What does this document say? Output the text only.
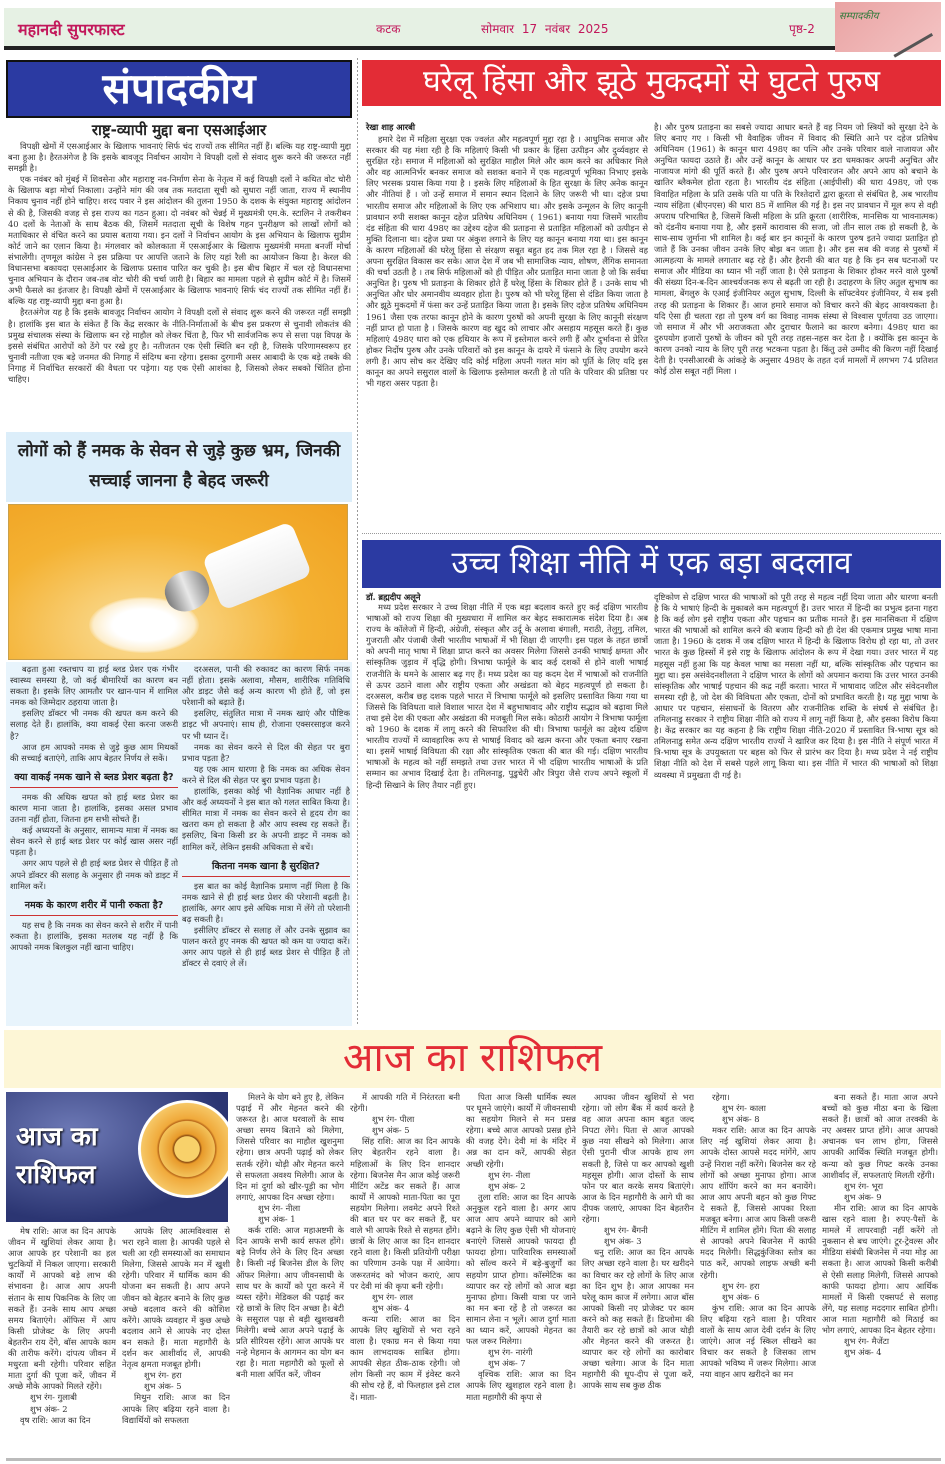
महानदी सुपरफास्ट	कटक	सोमवार 17 नवंबर 2025	पृष्ठ-2
सम्पादकीय
संपादकीय
राष्ट्र-व्यापी मुद्दा बना एसआईआर

विपक्षी खेमों में एसआईआर के खिलाफ भावनाएं सिर्फ चंद राज्यों तक सीमित नहीं हैं। बल्कि यह राष्ट्र-व्यापी मुद्दा बना हुआ है। हैरतअंगेज है कि इसके बावजूद निर्वाचन आयोग ने विपक्षी दलों से संवाद शुरू करने की जरूरत नहीं समझी है।

एक नवंबर को मुंबई में शिवसेना और महाराष्ट्र नव-निर्माण सेना के नेतृत्व में कई विपक्षी दलों ने कथित वोट चोरी के खिलाफ बड़ा मोर्चा निकाला। उन्होंने मांग की जब तक मतदाता सूची को सुधारा नहीं जाता, राज्य में स्थानीय निकाय चुनाव नहीं होने चाहिए। शरद पवार ने इस आंदोलन की तुलना 1950 के दशक के संयुक्त महाराष्ट्र आंदोलन से की है, जिसकी वजह से इस राज्य का गठन हुआ। दो नवंबर को चेन्नई में मुख्यमंत्री एम.के. स्टालिन ने तकरीबन 40 दलों के नेताओं के साथ बैठक की, जिसमें मतदाता सूची के विशेष गहन पुनरीक्षण को लाखों लोगों को मताधिकार से वंचित करने का प्रयास बताया गया। इन दलों ने निर्वाचन आयोग के इस अभियान के खिलाफ सुप्रीम कोर्ट जाने का एलान किया है। मंगलवार को कोलकाता में एसआईआर के खिलाफ मुख्यमंत्री ममता बनर्जी मोर्चा संभालेंगी। तृणमूल कांग्रेस ने इस प्रक्रिया पर आपत्ति जताने के लिए यहां रैली का आयोजन किया है। केरल की विधानसभा बकायदा एसआईआर के खिलाफ प्रस्ताव पारित कर चुकी है। इस बीच बिहार में चल रहे विधानसभा चुनाव अभियान के दौरान जब-तब वोट चोरी की चर्चा जारी है। बिहार का मामला पहले से सुप्रीम कोर्ट में है। जिसमें अभी फैसले का इंतजार है। विपक्षी खेमों में एसआईआर के खिलाफ भावनाएं सिर्फ चंद राज्यों तक सीमित नहीं हैं। बल्कि यह राष्ट्र-व्यापी मुद्दा बना हुआ है।

हैरतअंगेज यह है कि इसके बावजूद निर्वाचन आयोग ने विपक्षी दलों से संवाद शुरू करने की जरूरत नहीं समझी है। हालांकि इस बात के संकेत हैं कि केंद्र सरकार के नीति-निर्माताओं के बीच इस प्रकरण से चुनावी लोकतंत्र की प्रमुख संचालक संस्था के खिलाफ बन रहे माहौल को लेकर चिंता है, फिर भी सार्वजनिक रूप से सत्ता पक्ष विपक्ष के इससे संबंधित आरोपों को ठेंगे पर रखे हुए है। नतीजतन एक ऐसी स्थिति बन रही है, जिसके परिणामस्वरूप हर चुनावी नतीजा एक बड़े जनमत की निगाह में संदिग्ध बना रहेगा। इसका दुरगामी असर आबादी के एक बड़े तबके की निगाह में निर्वाचित सरकारों की वैधता पर पड़ेगा। यह एक ऐसी आशंका है, जिसको लेकर सबको चिंतित होना चाहिए।

लोगों को हैं नमक के सेवन से जुड़े कुछ भ्रम, जिनकी सच्चाई जानना है बेहद जरूरी

बढ़ता हुआ रक्तचाप या हाई ब्लड प्रेशर एक गंभीर स्वास्थ्य समस्या है, जो कई बीमारियों का कारण बन सकता है। इसके लिए आमतौर पर खान-पान में शामिल नमक को जिम्मेदार ठहराया जाता है।

इसलिए डॉक्टर भी नमक की खपत कम करने की सलाह देते हैं। हालांकि, क्या वाकई ऐसा करना जरूरी है?

आज हम आपको नमक से जुड़े कुछ आम मिथकों की सच्चाई बताएंगे, ताकि आप बेहतर निर्णय ले सकें।

क्या वाकई नमक खाने से ब्लड प्रेशर बढ़ता है?

नमक की अधिक खपत को हाई ब्लड प्रेशर का कारण माना जाता है। हालांकि, इसका असल प्रभाव उतना नहीं होता, जितना हम सभी सोचते हैं।

कई अध्ययनों के अनुसार, सामान्य मात्रा में नमक का सेवन करने से हाई ब्लड प्रेशर पर कोई खास असर नहीं पड़ता है।

अगर आप पहले से ही हाई ब्लड प्रेशर से पीड़ित हैं तो अपने डॉक्टर की सलाह के अनुसार ही नमक को डाइट में शामिल करें।

नमक के कारण शरीर में पानी रुकता है?

यह सच है कि नमक का सेवन करने से शरीर में पानी रुकता है। हालांकि, इसका मतलब यह नहीं है कि आपको नमक बिलकुल नहीं खाना चाहिए।

दरअसल, पानी की रुकावट का कारण सिर्फ नमक नहीं होता। इसके अलावा, मौसम, शारीरिक गतिविधि और डाइट जैसे कई अन्य कारण भी होते हैं, जो इस परेशानी को बढ़ाते हैं।

इसलिए, संतुलित मात्रा में नमक खाएं और पौष्टिक डाइट भी अपनाएं। साथ ही, रोजाना एक्सरसाइज करने पर भी ध्यान दें।

नमक का सेवन करने से दिल की सेहत पर बुरा प्रभाव पड़ता है?

यह एक आम धारणा है कि नमक का अधिक सेवन करने से दिल की सेहत पर बुरा प्रभाव पड़ता है।

हालांकि, इसका कोई भी वैज्ञानिक आधार नहीं है और कई अध्ययनों ने इस बात को गलत साबित किया है। सीमित मात्रा में नमक का सेवन करने से हृदय रोग का खतरा कम हो सकता है और आप स्वस्थ रह सकते हैं। इसलिए, बिना किसी डर के अपनी डाइट में नमक को शामिल करें, लेकिन इसकी अधिकता से बचें।

कितना नमक खाना है सुरक्षित?

इस बात का कोई वैज्ञानिक प्रमाण नहीं मिला है कि नमक खाने से ही हाई ब्लड प्रेशर की परेशानी बढ़ती है। हालांकि, अगर आप इसे अधिक मात्रा में लेंगे तो परेशानी बढ़ सकती है।

इसीलिए डॉक्टर से सलाह लें और उनके सुझाव का पालन करते हुए नमक की खपत को कम या ज्यादा करें। अगर आप पहले से ही हाई ब्लड प्रेशर से पीड़ित हैं तो डॉक्टर से दवाएं ले लें।

घरेलू हिंसा और झूठे मुकदमों से घुटते पुरुष
रेखा शाह आरबी

हमारे देश में महिला सुरक्षा एक ज्वलंत और महत्वपूर्ण मुद्दा रहा है । आधुनिक समाज और सरकार की यह मंशा रही है कि महिलाएं किसी भी प्रकार के हिंसा उत्पीड़न और दुर्व्यवहार से सुरक्षित रहे। समाज में महिलाओं को सुरक्षित माहौल मिले और काम करने का अधिकार मिले और वह आत्मनिर्भर बनकर समाज को सशक्त बनाने में एक महत्वपूर्ण भूमिका निभाए इसके लिए भरसक प्रयास किया गया है । इसके लिए महिलाओं के हित सुरक्षा के लिए अनेक कानून और नीतियां हैं । जो उन्हें समाज में समान स्थान दिलाने के लिए जरूरी भी था। दहेज प्रथा भारतीय समाज और महिलाओं के लिए एक अभिशाप था। और इसके उन्मूलन के लिए कानूनी प्रावधान रुपी सशक्त कानून दहेज प्रतिषेध अधिनियम ( 1961) बनाया गया जिसमें भारतीय दंड संहिता की धारा 498ए का उद्देश्य दहेज की प्रताड़ना से प्रताड़ित महिलाओं को उत्पीड़न से मुक्ति दिलाना था। दहेज प्रथा पर अंकुश लगाने के लिए यह कानून बनाया गया था। इस कानून के कारण महिलाओं की घरेलू हिंसा से संरक्षण सबूत बहुत हद तक मिल रहा है । जिससे वह अपना सुरक्षित विकास कर सके। आज देश में जब भी सामाजिक न्याय, शोषण, लैंगिक समानता की चर्चा उठती है । तब सिर्फ महिलाओं को ही पीड़ित और प्रताड़ित माना जाता है जो कि सर्वथा अनुचित है। पुरुष भी प्रताड़ना के शिकार होते हैं घरेलू हिंसा के शिकार होते हैं । उनके साथ भी अनुचित और घोर अमानवीय व्यवहार होता है। पुरुष को भी घरेलू हिंसा से दंडित किया जाता है और झूठे मुकदमों में फंसा कर उन्हें प्रताड़ित किया जाता है। इसके लिए दहेज प्रतिषेध अधिनियम 1961 जैसा एक तरफा कानून होने के कारण पुरुषों को अपनी सुरक्षा के लिए कानूनी संरक्षण नहीं प्राप्त हो पाता है । जिसके कारण वह खुद को लाचार और असहाय महसूस करते हैं। कुछ महिलाएं 498ए धारा को एक हथियार के रूप में इस्तेमाल करने लगी हैं और दुर्भावना से प्रेरित होकर निर्दोष पुरुष और उनके परिवारों को इस कानून के दायरे में फंसाने के लिए उपयोग करने लगी हैं। आप सोच कर देखिए यदि कोई महिला अपनी गलत मांग को पूर्ति के लिए यदि इस कानून का अपने ससुराल वालों के खिलाफ इस्तेमाल करती है तो पति के परिवार की प्रतिष्ठा पर भी गहरा असर पड़ता है।

है। और पुरुष प्रताड़ना का सबसे ज्यादा आधार बनते हैं वह नियम जो स्त्रियों को सुरक्षा देने के लिए बनाए गए । किसी भी वैवाहिक जीवन में विवाद की स्थिति आने पर दहेज प्रतिषेध अधिनियम (1961) के कानून धारा 498ए का पत्नि और उनके परिवार वाले नाजायज और अनुचित फायदा उठाते हैं। और उन्हें कानून के आधार पर डरा धमकाकर अपनी अनुचित और नाजायज मांगो की पूर्ति करते हैं। और पुरुष अपने परिवारजन और अपने आप को बचाने के खातिर ब्लैकमेल होता रहता है। भारतीय दंड संहिता (आईपीसी) की धारा 498ए, जो एक विवाहित महिला के प्रति उसके पति या पति के रिश्तेदारों द्वारा क्रूरता से संबंधित है, अब भारतीय न्याय संहिता (बीएनएस) की धारा 85 में शामिल की गई है। इस नए प्रावधान में मूल रूप से वही अपराध परिभाषित है, जिसमें किसी महिला के प्रति क्रूरता (शारीरिक, मानसिक या भावनात्मक) को दंडनीय बनाया गया है, और इसमें कारावास की सजा, जो तीन साल तक हो सकती है, के साथ-साथ जुर्माना भी शामिल है। कई बार इन कानूनों के कारण पुरुष इतने ज्यादा प्रताड़ित हो जाते हैं कि उनका जीवन उनके लिए बोझ बन जाता है। और इस सब की वजह से पुरुषों में आत्महत्या के मामले लगातार बढ़ रहे हैं। और हैरानी की बात यह है कि इन सब घटनाओं पर समाज और मीडिया का ध्यान भी नहीं जाता है। ऐसे प्रताड़ना के शिकार होकर मरने वाले पुरुषों की संख्या दिन-ब-दिन आश्चर्यजनक रूप से बढ़ती जा रही है। उदाहरण के लिए अतुल सुभाष का मामला, बेंगलुरु के एआई इंजीनियर अतुल सुभाष, दिल्ली के सॉफ्टवेयर इंजीनियर, ये सब इसी तरह की प्रताड़ना के शिकार हैं। आज हमारे समाज को विचार करने की बेहद आवश्यकता है। यदि ऐसा ही चलता रहा तो पुरुष वर्ग का विवाह नामक संस्था से विश्वास पूर्णतया उठ जाएगा। जो समाज में और भी अराजकता और दुराचार फैलाने का कारण बनेगा। 498ए धारा का दुरुपयोग हजारों पुरुषों के जीवन को पूरी तरह तहस-नहस कर देता है । क्योंकि इस कानून के कारण उनको न्याय के लिए पूरी तरह भटकना पड़ता है। किंतु उसे उम्मीद की किरण नहीं दिखाई देती है। एनसीआरबी के आंकड़े के अनुसार 498ए के तहत दर्ज मामलों में लगभग 74 प्रतिशत कोई ठोस सबूत नहीं मिला ।

उच्च शिक्षा नीति में एक बड़ा बदलाव
डॉ. ब्रह्मदीप अलूने

मध्य प्रदेश सरकार ने उच्च शिक्षा नीति में एक बड़ा बदलाव करते हुए कई दक्षिण भारतीय भाषाओं को राज्य शिक्षा की मुख्यधारा में शामिल कर बेहद सकारात्मक संदेश दिया है। अब राज्य के कॉलेजों में हिन्दी, अंग्रेजी, संस्कृत और उर्दू के अलावा बंगाली, मराठी, तेलुगु, तमिल, गुजराती और पंजाबी जैसी भारतीय भाषाओं में भी शिक्षा दी जाएगी। इस पहल के तहत छात्रों को अपनी मातृ भाषा में शिक्षा प्राप्त करने का अवसर मिलेगा जिससे उनकी भाषाई क्षमता और सांस्कृतिक जुड़ाव में वृद्धि होगी। त्रिभाषा फार्मूले के बाद कई दशकों से होने वाली भाषाई राजनीति के थमने के आसार बढ़ गए हैं। मध्य प्रदेश का यह कदम देश में भाषाओं को राजनीति से ऊपर उठाने वाला और राष्ट्रीय एकता और अखंडता को बेहद महत्वपूर्ण हो सकता है। दरअसल, करीब छह दशक पहले भारत में त्रिभाषा फार्मूले को इसलिए प्रस्तावित किया गया था जिससे कि विविधता वाले विशाल भारत देश में बहुभाषावाद और राष्ट्रीय सद्भाव को बढ़ावा मिले तथा इसे देश की एकता और अखंडता की मजबूती मिल सके। कोठारी आयोग ने त्रिभाषा फार्मूला को 1960 के दशक में लागू करने की सिफारिश की थी। त्रिभाषा फार्मूले का उद्देश्य दक्षिण भारतीय राज्यों में व्यावहारिक रूप से भाषाई विवाद को खत्म करना और एकता बनाए रखना था। इसमें भाषाई विविधता की रक्षा और सांस्कृतिक एकता की बात की गई। दक्षिण भारतीय भाषाओं के महत्व को नहीं समझते तथा उत्तर भारत में भी दक्षिण भारतीय भाषाओं के प्रति सम्मान का अभाव दिखाई देता है। तमिलनाडु, पुडुचेरी और त्रिपुरा जैसे राज्य अपने स्कूलों में हिन्दी सिखाने के लिए तैयार नहीं हुए।

दृष्टिकोण से दक्षिण भारत की भाषाओं को पूरी तरह से महत्व नहीं दिया जाता और धारणा बनती है कि ये भाषाएं हिन्दी के मुकाबले कम महत्वपूर्ण हैं। उत्तर भारत में हिन्दी का प्रभुत्व इतना गहरा है कि कई लोग इसे राष्ट्रीय एकता और पहचान का प्रतीक मानते हैं। इस मानसिकता में दक्षिण भारत की भाषाओं को शामिल करने की बजाय हिन्दी को ही देश की एकमात्र प्रमुख भाषा माना जाता है। 1960 के दशक में जब दक्षिण भारत में हिन्दी के खिलाफ विरोध हो रहा था, तो उत्तर भारत के कुछ हिस्सों में इसे राष्ट्र के खिलाफ आंदोलन के रूप में देखा गया। उत्तर भारत में यह महसूस नहीं हुआ कि यह केवल भाषा का मसला नहीं था, बल्कि सांस्कृतिक और पहचान का मुद्दा था। इस असंवेदनशीलता ने दक्षिण भारत के लोगों को अपमान कराया कि उत्तर भारत उनकी सांस्कृतिक और भाषाई पहचान की कद्र नहीं करता। भारत में भाषावाद जटिल और संवेदनशील समस्या रही है, जो देश की विविधता और एकता, दोनों को प्रभावित करती है। यह मुद्दा भाषा के आधार पर पहचान, संसाधनों के वितरण और राजनीतिक शक्ति के संघर्ष से संबंधित है। तमिलनाडु सरकार ने राष्ट्रीय शिक्षा नीति को राज्य में लागू नहीं किया है, और इसका विरोध किया है। केंद्र सरकार का यह कहना है कि राष्ट्रीय शिक्षा नीति-2020 में प्रस्तावित त्रि-भाषा सूत्र को तमिलनाडु समेत अन्य दक्षिण भारतीय राज्यों ने खारिज कर दिया है। इस नीति ने संपूर्ण भारत में त्रि-भाषा सूत्र के उपयुक्तता पर बहस को फिर से प्रारंभ कर दिया है। मध्य प्रदेश ने नई राष्ट्रीय शिक्षा नीति को देश में सबसे पहले लागू किया था। इस नीति में भारत की भाषाओं को शिक्षा व्यवस्था में प्रमुखता दी गई है।

आज का राशिफल
आज का राशिफल

मेष राशि: आज का दिन आपके जीवन में खुशियां लेकर आया है। आज आपके हर परेशानी का हल चुटकियों में निकल जाएगा। सरकारी कार्यों में आपको बड़े लाभ की संभावना है। आज आप अपनी संतान के साथ पिकनिक के लिए जा सकते हैं। उनके साथ आप अच्छा समय बिताएंगे। ऑफिस में आप किसी प्रोजेक्ट के लिए अपनी बेहतरीन राय देंगे, बॉस आपके काम की तारीफ करेंगे। दांपत्य जीवन में मधुरता बनी रहेगी। परिवार सहित माता दुर्गा की पूजा करें, जीवन में अच्छे मौके आपको मिलते रहेंगे।

शुभ रंग- गुलाबी

शुभ अंक- 2

वृष राशि: आज का दिन

आपके लिए आत्मविश्वास से भरा रहने वाला है। आपकी पहले से चली आ रही समस्याओं का समाधान मिलेगा, जिससे आपके मन में खुशी रहेगी। परिवार में धार्मिक काम की योजना बन सकती है। आप अपने जीवन को बेहतर बनाने के लिए कुछ अच्छे बदलाव करने की कोशिश करेंगे। आपके व्यवहार में कुछ अच्छे बदलाव आने से आपके नए दोस्त बन सकते हैं। माता महागौरी के दर्शन कर आशीर्वाद लें, आपकी नेतृत्व क्षमता मजबूत होगी।

शुभ रंग- हरा

शुभ अंक- 5

मिथुन राशि: आज का दिन आपके लिए बढ़िया रहने वाला है। विद्यार्थियों को सफलता

मिलने के योग बने हुए है, लेकिन पढ़ाई में और मेहनत करने की जरूरत है। आज घरवालों के साथ अच्छा समय बिताने को मिलेगा, जिससे परिवार का माहौल खुशनुमा रहेगा। छात्र अपनी पढ़ाई को लेकर सतर्क रहेंगे। थोड़ी और मेहनत करने से सफलता अवश्य मिलेगी। आज के दिन मां दुर्गा को खीर-पूड़ी का भोग लगाएं, आपका दिन अच्छा रहेगा।

शुभ रंग- नीला

शुभ अंक- 1

कर्क राशि: आज महाअष्टमी के दिन आपके सभी कार्य सफल होंगे। बड़े निर्णय लेने के लिए दिन अच्छा है। किसी नई बिजनेस डील के लिए ऑफर मिलेगा। आप जीवनसाथी के साथ घर के कार्यों को पूरा करने में व्यस्त रहेंगे। मेडिकल की पढ़ाई कर रहे छात्रों के लिए दिन अच्छा है। बेटी के ससुराल पक्ष से बड़ी खुशखबरी मिलेगी। बच्चे आज अपने पढ़ाई के प्रति सीरियस रहेंगे। आज आपके घर नन्हे मेहमान के आगमन का योग बन रहा है। माता महागौरी को फूलों से बनी माला अर्पित करें, जीवन

में आपकी गति में निरंतरता बनी रहेगी।

शुभ रंग- पीला

शुभ अंक- 5

सिंह राशि: आज का दिन आपके लिए बेहतरीन रहने वाला है। महिलाओं के लिए दिन शानदार रहेगा। बिजनेस मैन आज कोई जरूरी मीटिंग अटेंड कर सकते हैं। आज कार्यों में आपको माता-पिता का पूरा सहयोग मिलेगा। लवमेट अपने रिश्ते की बात घर पर कर सकते हैं, घर वाले भी आपके रिश्ते से सहमत होंगे। छात्रों के लिए आज का दिन शानदार रहने वाला है। किसी प्रतियोगी परीक्षा का परिणाम उनके पक्ष में आयेगा। जरूरतमंद को भोजन कराएं, आप पर देवी मां की कृपा बनी रहेगी।

शुभ रंग- लाल

शुभ अंक- 4

कन्या राशि: आज का दिन आपके लिए खुशियों से भरा रहने वाला है। एकाग्र मन से किया गया काम लाभदायक साबित होगा। आपकी सेहत ठीक-ठाक रहेगी। जो लोग किसी नए काम में इंवेस्ट करने की सोच रहे हैं, वो फिलहाल इसे टाल दें। माता-

पिता आज किसी धार्मिक स्थल पर घूमने जाएंगे। कार्यों में जीवनसाथी का सहयोग मिलने से मन प्रसन्न रहेगा। बच्चे आज आपको प्रसन्न होने की वजह देंगे। देवी मां के मंदिर में अन्न का दान करें, आपकी सेहत अच्छी रहेगी।

शुभ रंग- नीला

शुभ अंक- 2

तुला राशि: आज का दिन आपके अनुकूल रहने वाला है। अगर आप आज आप अपने व्यापार को आगे बढ़ाने के लिए कुछ ऐसी भी योजनाएं बनाएंगे जिससे आपको फायदा ही फायदा होगा। पारिवारिक समस्याओं को सॉल्व करने में बड़े-बुजुर्गों का सहयोग प्राप्त होगा। कॉस्मेटिक का व्यापार कर रहे लोगों को आज बड़ा मुनाफा होगा। किसी यात्रा पर जाने का मन बना रहें है तो जरूरत का सामान लेना न भूलें। आज दुर्गा माता का ध्यान करें, आपको मेहनत का फल जरूर मिलेगा।

शुभ रंग- नारंगी

शुभ अंक- 7

वृश्चिक राशि: आज का दिन आपके लिए खुशहाल रहने वाला है। माता महागौरी की कृपा से

आपका जीवन खुशियों से भरा रहेगा। जो लोग बैंक में कार्य करते है वह आज अपना काम बहुत जल्द निपटा लेंगे। पिता से आज आपको कुछ नया सीखने को मिलेगा। आज ऐसी पुरानी चीज आपके हाथ लग सकती है, जिसे पा कर आपको खुशी महसूस होगी। आज दोस्तों के साथ फोन पर बात करके समय बिताएंगे। आज के दिन महागौरी के आगे घी का दीपक जलाएं, आपका दिन बेहतरीन रहेगा।

शुभ रंग- बैंगनी

शुभ अंक- 3

धनु राशि: आज का दिन आपके लिए अच्छा रहने वाला है। घर खरीदने का विचार कर रहे लोगों के लिए आज का दिन शुभ है। आज आपका मन घरेलू काम काज में लगेगा। आज बॉस आपको किसी नए प्रोजेक्ट पर काम करने को कह सकते हैं। डिप्लोमा की तैयारी कर रहे छात्रों को आज थोड़ी और मेहनत करने की जरूरत है। व्यापार कर रहे लोगों का कारोबार अच्छा चलेगा। आज के दिन माता महागौरी की धूप-दीप से पूजा करें, आपके साथ सब कुछ ठीक

रहेगा।

शुभ रंग- काला

शुभ अंक- 8

मकर राशि: आज का दिन आपके लिए नई खुशियां लेकर आया है। आपके दोस्त आपसे मदद मांगेंगे, आप उन्हें निराश नहीं करेंगे। बिजनेस कर रहे लोगों को अच्छा मुनाफा होगा। आज आप शॉपिंग करने का मन बनायेंगे। आज आप अपनी बहन को कुछ गिफ्ट दे सकते हैं, जिससे आपका रिश्ता मजबूत बनेगा। आज आप किसी जरूरी मीटिंग में शामिल होंगे। पिता की सलाह से आपको अपने बिजनेस में काफी मदद मिलेगी। सिद्धकुंजिका स्तोत्र का पाठ करें, आपको लाइफ अच्छी बनी रहेगी।

शुभ रंग- हरा

शुभ अंक- 6

कुंभ राशि: आज का दिन आपके लिए बढ़िया रहने वाला है। परिवार वालों के साथ आज देवी दर्शन के लिए जाएंगे। आज नई स्किल सीखने का विचार कर सकते है जिसका लाभ आपको भविष्य में जरूर मिलेगा। आज नया वाहन आप खरीदने का मन

बना सकते हैं। माता आज अपने बच्चों को कुछ मीठा बना के खिला सकते हैं। छात्रों को आज तरक्की के नए अवसर प्राप्त होंगे। आज आपको अचानक धन लाभ होगा, जिससे आपकी आर्थिक स्थिति मजबूत होगी। कन्या को कुछ गिफ्ट करके उनका आशीर्वाद लें, सफलताएं मिलती रहेंगी।

शुभ रंग- भूरा

शुभ अंक- 9

मीन राशि: आज का दिन आपके खास रहने वाला है। रुपए-पैसों के मामले में लापरवाही नहीं करेंगे तो नुकसान से बच जाएंगे। टूर-ट्रेवल्स और मीडिया संबंधी बिजनेस में नया मोड़ आ सकता है। आज आपको किसी करीबी से ऐसी सलाह मिलेगी, जिससे आपको काफी फायदा होगा। आप आर्थिक मामलों में किसी एक्सपर्ट से सलाह लेंगे, यह सलाह मददगार साबित होगी। आज माता महागौरी को मिठाई का भोग लगाएं, आपका दिन बेहतर रहेगा।

शुभ रंग- मैजेंटा

शुभ अंक- 4
